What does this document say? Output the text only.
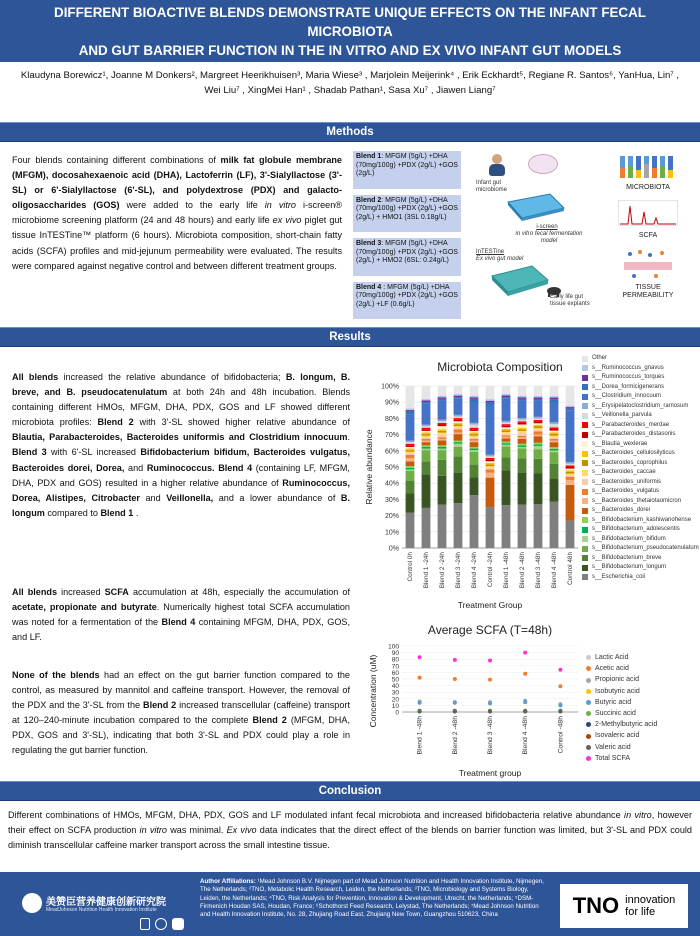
DIFFERENT BIOACTIVE BLENDS DEMONSTRATE UNIQUE EFFECTS ON THE INFANT FECAL MICROBIOTA
AND GUT BARRIER FUNCTION IN THE IN VITRO AND EX VIVO INFANT GUT MODELS
Klaudyna Borewicz¹, Joanne M Donkers², Margreet Heerikhuisen³, Maria Wiese³ , Marjolein Meijerink⁴ , Erik Eckhardt⁵, Regiane R. Santos⁶, YanHua, Lin⁷ ,
Wei Liu⁷ , XingMei Han¹ , Shadab Pathan¹, Sasa Xu⁷ , Jiawen Liang⁷
Methods
Four blends containing different combinations of milk fat globule membrane (MFGM), docosahexaenoic acid (DHA), Lactoferrin (LF), 3'-Sialyllactose (3'-SL) or 6'-Sialyllactose (6'-SL), and polydextrose (PDX) and galacto-oligosaccharides (GOS) were added to the early life in vitro i-screen® microbiome screening platform (24 and 48 hours) and early life ex vivo piglet gut tissue InTESTine™ platform (6 hours). Microbiota composition, short-chain fatty acids (SCFA) profiles and mid-jejunum permeability were evaluated. The results were compared against negative control and between different treatment groups.
Blend 1: MFGM (5g/L) +DHA (70mg/100g) +PDX (2g/L) +GOS (2g/L)
Blend 2: MFGM (5g/L) +DHA (70mg/100g) +PDX (2g/L) +GOS (2g/L) + HMO1 (3SL 0.18g/L)
Blend 3: MFGM (5g/L) +DHA (70mg/100g) +PDX (2g/L) +GOS (2g/L) + HMO2 (6SL: 0.24g/L)
Blend 4 : MFGM (5g/L) +DHA (70mg/100g) +PDX (2g/L) +GOS (2g/L) +LF (0.6g/L)
Infant gut microbiome
i-screen
in vitro fecal fermentation model
InTESTine
Ex vivo gut model
Early life gut tissue explants
MICROBIOTA
SCFA
TISSUE PERMEABILITY
Results
All blends increased the relative abundance of bifidobacteria; B. longum, B. breve, and B. pseudocatenulatum at both 24h and 48h incubation. Blends containing different HMOs, MFGM, DHA, PDX, GOS and LF showed different microbiota profiles: Blend 2 with 3'-SL showed higher relative abundance of Blautia, Parabacteroides, Bacteroides uniformis and Clostridium innocuum. Blend 3 with 6'-SL increased Bifidobacterium bifidum, Bacteroides vulgatus, Bacteroides dorei, Dorea, and Ruminococcus. Blend 4 (containing LF, MFGM, DHA, PDX and GOS) resulted in a higher relative abundance of Ruminococcus, Dorea, Alistipes, Citrobacter and Veillonella, and a lower abundance of B. longum compared to Blend 1 .
All blends increased SCFA accumulation at 48h, especially the accumulation of acetate, propionate and butyrate. Numerically highest total SCFA accumulation was noted for a fermentation of the Blend 4 containing MFGM, DHA, PDX, GOS, and LF.
None of the blends had an effect on the gut barrier function compared to the control, as measured by mannitol and caffeine transport. However, the removal of the PDX and the 3'-SL from the Blend 2 increased transcellular (caffeine) transport at 120–240-minute incubation compared to the complete Blend 2 (MFGM, DHA, PDX, GOS and 3'-SL), indicating that both 3'-SL and PDX could play a role in regulating the gut barrier function.
Microbiota Composition
0%
10%
20%
30%
40%
50%
60%
70%
80%
90%
100%
Control 0h Blend 1 -24h Blend 2 -24h Blend 3 -24h Blend 4 -24h Control -24h Blend 1 -48h Blend 2 -48h Blend 3 -48h Blend 4 -48h Control 48h
Relative abundance
Treatment Group
Other
s__Ruminococcus_gnavus
s__Ruminococcus_torques
s__Dorea_formicigenerans
s__Clostridium_innocuum
s__Erysipelatoclostridium_ramosum
s__Veillonella_parvula
s__Parabacteroides_merdae
s__Parabacteroides_distasonis
s__Blautia_wexlerae
s__Bacteroides_cellulosilyticus
s__Bacteroides_coprophilus
s__Bacteroides_caccae
s__Bacteroides_uniformis
s__Bacteroides_vulgatus
s__Bacteroides_thetaiotaomicron
s__Bacteroides_dorei
s__Bifidobacterium_kashiwanohense
s__Bifidobacterium_adolescentis
s__Bifidobacterium_bifidum
s__Bifidobacterium_pseudocatenulatum
s__Bifidobacterium_breve
s__Bifidobacterium_longum
s__Escherichia_coli
Average SCFA (T=48h)
0
10
20
30
40
50
60
70
80
90
100
Blend 1 -48h	Blend 2 -48h	Blend 3 -48h	Blend 4 -48h	Control -48h
Concentration (uM)
Treatment group
Lactic Acid
Acetic acid
Propionic acid
Isobutyric acid
Butyric acid
Succinic acid
2-Methylbutyric acid
Isovaleric acid
Valeric acid
Total SCFA
Conclusion
Different combinations of HMOs, MFGM, DHA, PDX, GOS and LF modulated infant fecal microbiota and increased bifidobacteria relative abundance in vitro, however their effect on SCFA production in vitro was minimal. Ex vivo data indicates that the direct effect of the blends on barrier function was limited, but 3'-SL and PDX could diminish transcellular caffeine marker transport across the small intestine tissue.
美赞臣营养健康创新研究院
MeadJohnson Nutrition Health Innovation Institute
Author Affiliations: ¹Mead Johnson B.V. Nijmegen part of Mead Johnson Nutrition and Health Innovation Institute, Nijmegen, The Netherlands; ²TNO, Metabolic Health Research, Leiden, the Netherlands; ³TNO, Microbiology and Systems Biology, Leiden, the Netherlands; ⁴TNO, Risk Analysis for Prevention, Innovation & Development, Utrecht, the Netherlands; ⁵DSM-Firmenich Houdan SAS, Houdan, France; ⁶Schothorst Feed Research, Lelystad, The Netherlands; ⁷Mead Johnson Nutrition and Health Innovation Institute, No. 28, Zhujiang Road East, Zhujiang New Town, Guangzhou 510623, China	TNO innovation
for life
